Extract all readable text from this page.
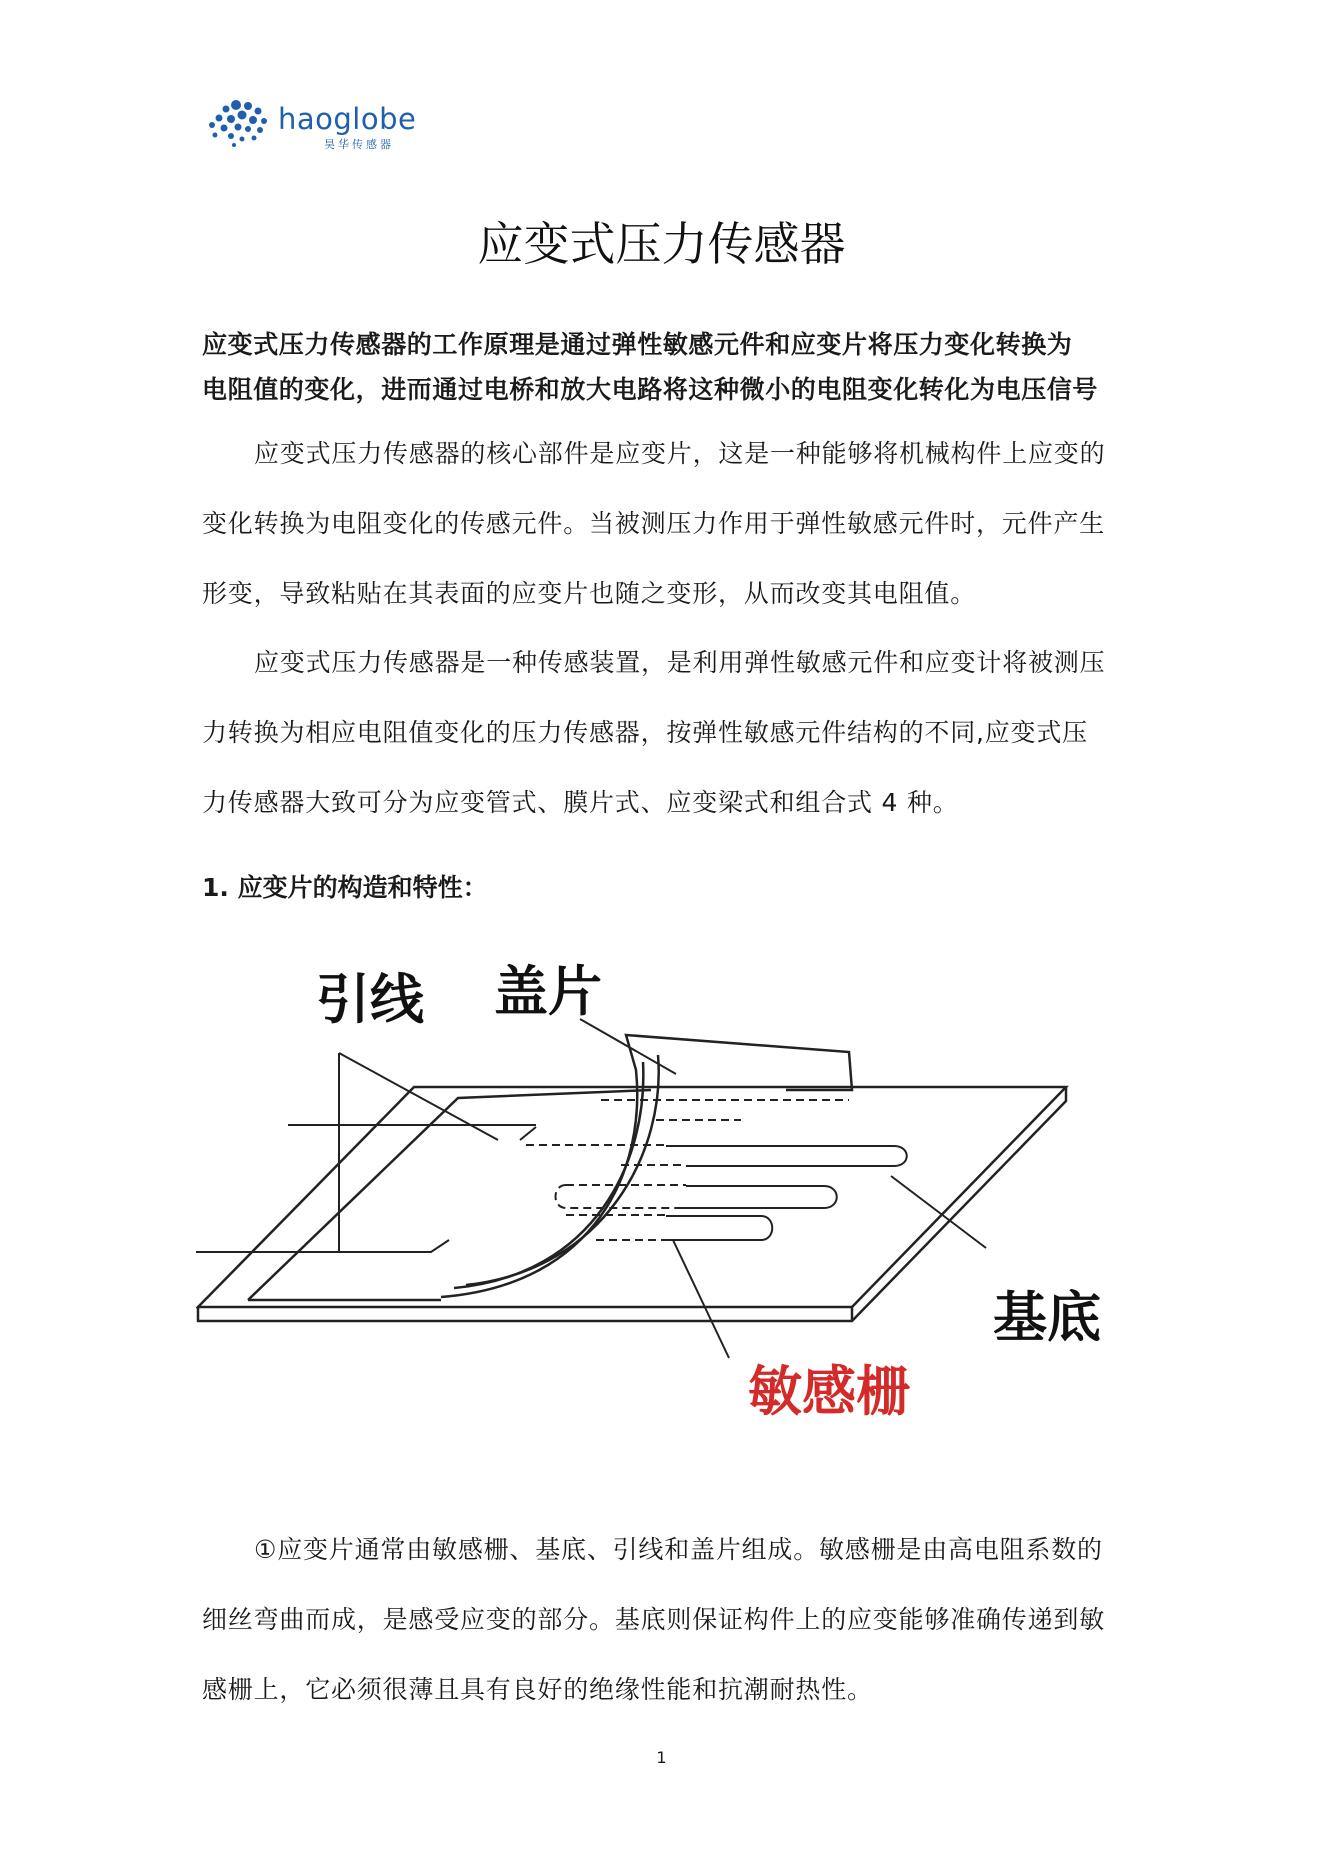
haoglobe
昊华传感器
应变式压力传感器
应变式压力传感器的工作原理是通过弹性敏感元件和应变片将压力变化转换为
电阻值的变化，进而通过电桥和放大电路将这种微小的电阻变化转化为电压信号
应变式压力传感器的核心部件是应变片，这是一种能够将机械构件上应变的
变化转换为电阻变化的传感元件。当被测压力作用于弹性敏感元件时，元件产生
形变，导致粘贴在其表面的应变片也随之变形，从而改变其电阻值。
应变式压力传感器是一种传感装置，是利用弹性敏感元件和应变计将被测压
力转换为相应电阻值变化的压力传感器，按弹性敏感元件结构的不同,应变式压
力传感器大致可分为应变管式、膜片式、应变梁式和组合式 4 种。
1. 应变片的构造和特性：
引线 盖片
基底
敏感栅
①应变片通常由敏感栅、基底、引线和盖片组成。敏感栅是由高电阻系数的
细丝弯曲而成，是感受应变的部分。基底则保证构件上的应变能够准确传递到敏
感栅上，它必须很薄且具有良好的绝缘性能和抗潮耐热性。
1
